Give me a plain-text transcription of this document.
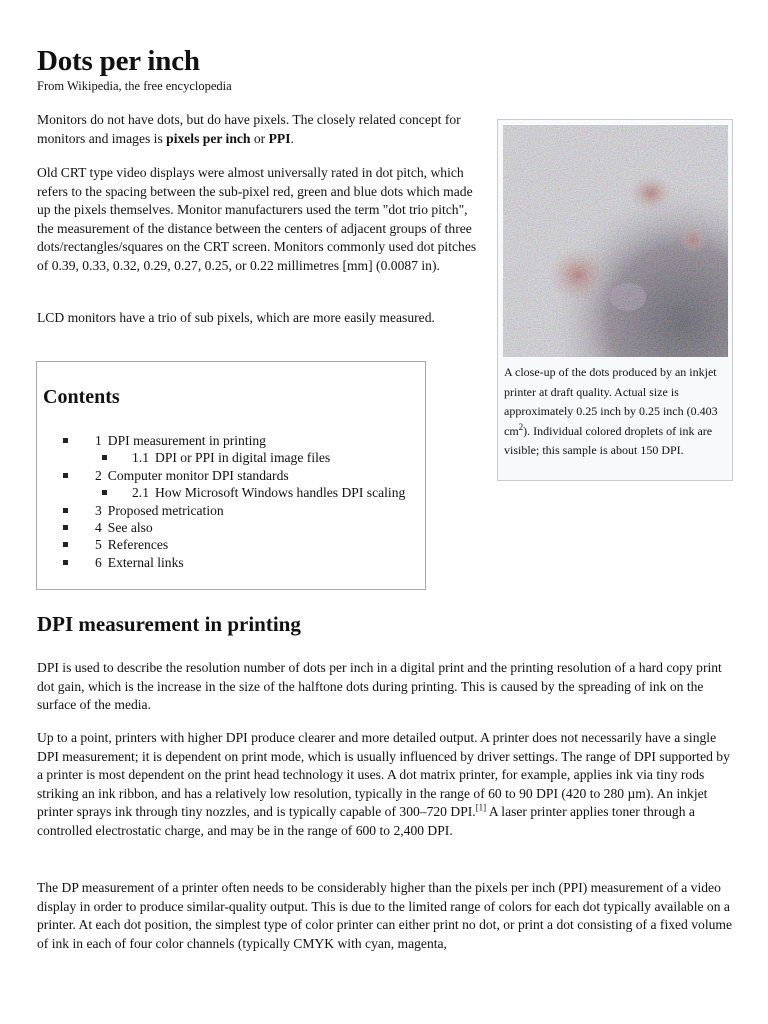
Dots per inch
From Wikipedia, the free encyclopedia

Monitors do not have dots, but do have pixels. The closely related concept for monitors and images is pixels per inch or PPI.

Old CRT type video displays were almost universally rated in dot pitch, which refers to the spacing between the sub-pixel red, green and blue dots which made up the pixels themselves. Monitor manufacturers used the term "dot trio pitch", the measurement of the distance between the centers of adjacent groups of three dots/rectangles/squares on the CRT screen. Monitors commonly used dot pitches of 0.39, 0.33, 0.32, 0.29, 0.27, 0.25, or 0.22 millimetres [mm] (0.0087 in).

LCD monitors have a trio of sub pixels, which are more easily measured.

A close-up of the dots produced by an inkjet printer at draft quality. Actual size is approximately 0.25 inch by 0.25 inch (0.403 $cm^2$). Individual colored droplets of ink are visible; this sample is about 150 DPI.
Contents
1 DPI measurement in printing
1.1 DPI or PPI in digital image files
2 Computer monitor DPI standards
2.1 How Microsoft Windows handles DPI scaling
3 Proposed metrication
4 See also
5 References
6 External links
DPI measurement in printing

DPI is used to describe the resolution number of dots per inch in a digital print and the printing resolution of a hard copy print dot gain, which is the increase in the size of the halftone dots during printing. This is caused by the spreading of ink on the surface of the media.

Up to a point, printers with higher DPI produce clearer and more detailed output. A printer does not necessarily have a single DPI measurement; it is dependent on print mode, which is usually influenced by driver settings. The range of DPI supported by a printer is most dependent on the print head technology it uses. A dot matrix printer, for example, applies ink via tiny rods striking an ink ribbon, and has a relatively low resolution, typically in the range of 60 to 90 DPI (420 to 280 µm). An inkjet printer sprays ink through tiny nozzles, and is typically capable of 300–720 DPI.[1] A laser printer applies toner through a controlled electrostatic charge, and may be in the range of 600 to 2,400 DPI.

The DP measurement of a printer often needs to be considerably higher than the pixels per inch (PPI) measurement of a video display in order to produce similar-quality output. This is due to the limited range of colors for each dot typically available on a printer. At each dot position, the simplest type of color printer can either print no dot, or print a dot consisting of a fixed volume of ink in each of four color channels (typically CMYK with cyan, magenta,
